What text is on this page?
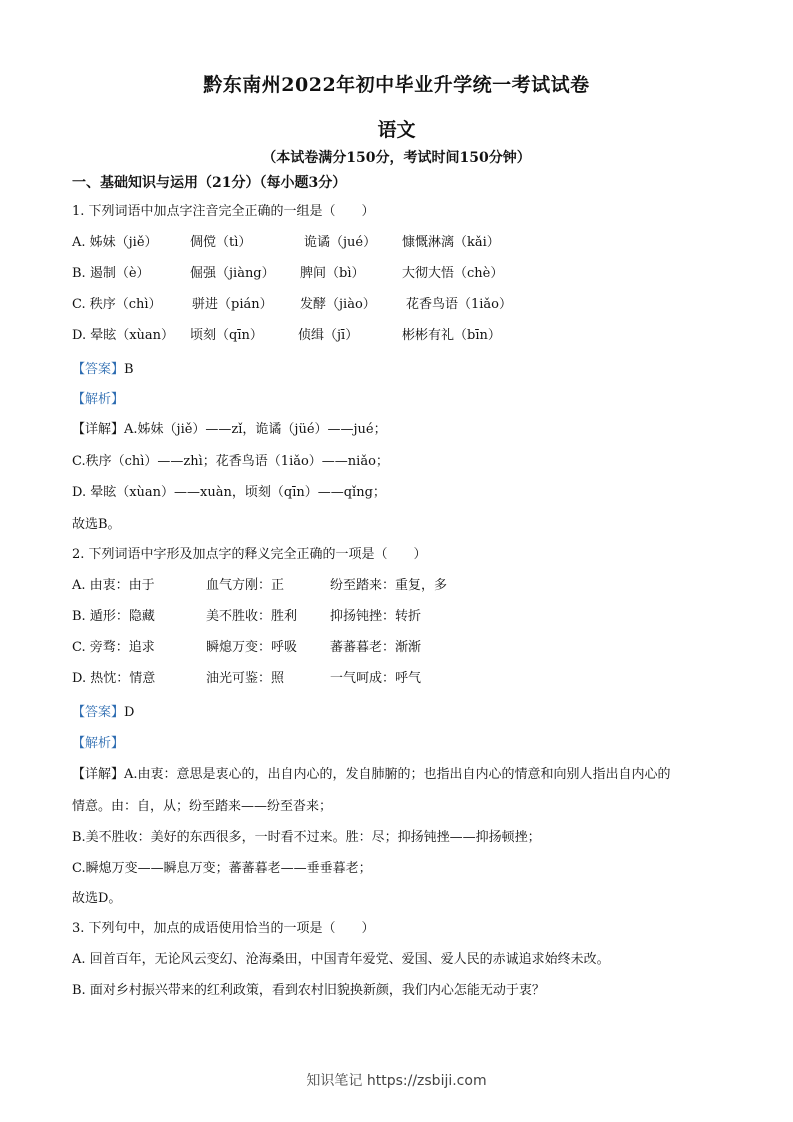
黔东南州2022年初中毕业升学统一考试试卷
语文
（本试卷满分150分，考试时间150分钟）
一、基础知识与运用（21分）（每小题3分）
1. 下列词语中加点字注音完全正确的一组是（　　）
A. 姊妹（jiě） 倜傥（tì）	诡谲（jué） 慷慨淋漓（kǎi）
B. 遏制（è）	倔强（jiàng） 脾间（bì）	大彻大悟（chè）
C. 秩序（chì） 骈进（pián） 发酵（jiào） 花香鸟语（1iǎo）
D. 晕眩（xùan） 顷刻（qīn）	侦缉（jī）	彬彬有礼（bīn）
【答案】B
【解析】
【详解】A.姊妹（jiě）——zǐ，诡谲（jüé）——jué；
C.秩序（chì）——zhì；花香鸟语（1iǎo）——niǎo；
D. 晕眩（xùan）——xuàn，顷刻（qīn）——qǐng；
故选B。
2. 下列词语中字形及加点字的释义完全正确的一项是（　　）
A. 由衷：由于	血气方刚：正	纷至踏来：重复，多
B. 遁形：隐藏	美不胜收：胜利	抑扬钝挫：转折
C. 旁骛：追求	瞬熄万变：呼吸	蕃蕃暮老：渐渐
D. 热忱：情意	油光可鉴：照	一气呵成：呼气
【答案】D
【解析】
【详解】A.由衷：意思是衷心的，出自内心的，发自肺腑的；也指出自内心的情意和向别人指出自内心的
情意。由：自，从；纷至踏来——纷至沓来；
B.美不胜收：美好的东西很多，一时看不过来。胜：尽；抑扬钝挫——抑扬顿挫；
C.瞬熄万变——瞬息万变；蕃蕃暮老——垂垂暮老；
故选D。
3. 下列句中，加点的成语使用恰当的一项是（　　）
A. 回首百年，无论风云变幻、沧海桑田，中国青年爱党、爱国、爱人民的赤诚追求始终未改。
B. 面对乡村振兴带来的红利政策，看到农村旧貌换新颜，我们内心怎能无动于衷？
知识笔记 https://zsbiji.com
